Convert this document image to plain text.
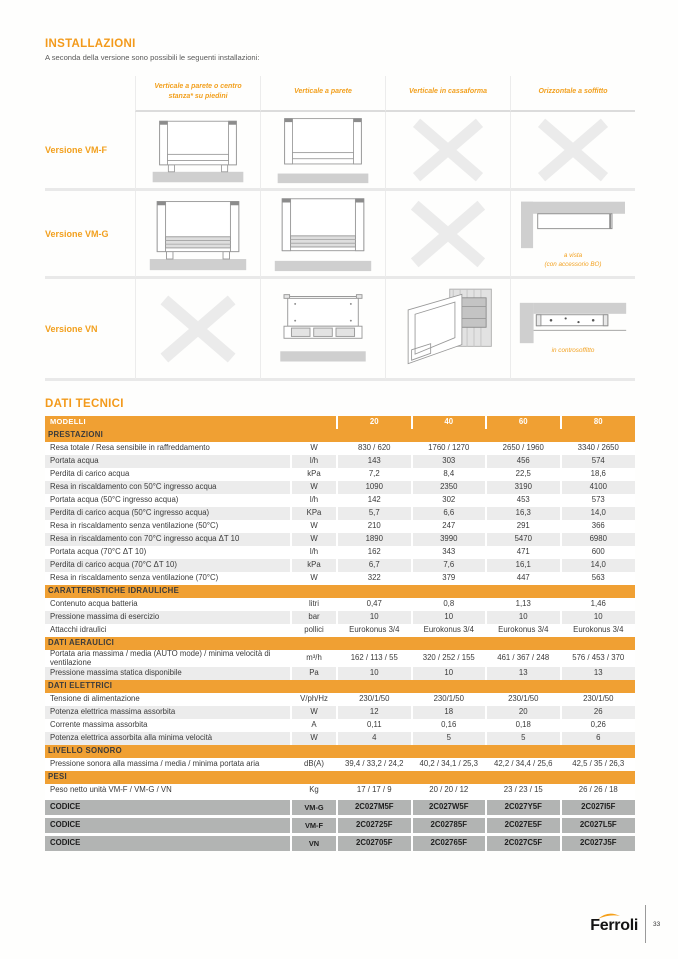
INSTALLAZIONI
A seconda della versione sono possibili le seguenti installazioni:
Verticale a parete o centro stanza* su piedini
Verticale a parete	Verticale in cassaforma	Orizzontale a soffitto
Versione VM-F
Versione VM-G
a vista
(con accessorio BO)
Versione VN
in controsoffitto
DATI TECNICI
MODELLI		20	40	60	80
PRESTAZIONI					
Resa totale / Resa sensibile in raffreddamento	W	830 / 620	1760 / 1270	2650 / 1960	3340 / 2650
Portata acqua	l/h	143	303	456	574
Perdita di carico acqua	kPa	7,2	8,4	22,5	18,6
Resa in riscaldamento con 50°C ingresso acqua	W	1090	2350	3190	4100
Portata acqua (50°C ingresso acqua)	l/h	142	302	453	573
Perdita di carico acqua (50°C ingresso acqua)	KPa	5,7	6,6	16,3	14,0
Resa in riscaldamento senza ventilazione (50°C)	W	210	247	291	366
Resa in riscaldamento con 70°C ingresso acqua ΔT 10	W	1890	3990	5470	6980
Portata acqua (70°C ΔT 10)	l/h	162	343	471	600
Perdita di carico acqua (70°C ΔT 10)	kPa	6,7	7,6	16,1	14,0
Resa in riscaldamento senza ventilazione (70°C)	W	322	379	447	563
CARATTERISTICHE IDRAULICHE					
Contenuto acqua batteria	litri	0,47	0,8	1,13	1,46
Pressione massima di esercizio	bar	10	10	10	10
Attacchi idraulici	pollici	Eurokonus 3/4	Eurokonus 3/4	Eurokonus 3/4	Eurokonus 3/4
DATI AERAULICI					
Portata aria massima / media (AUTO mode) / minima velocità di ventilazione	m³/h	162 / 113 / 55	320 / 252 / 155	461 / 367 / 248	576 / 453 / 370
Pressione massima statica disponibile	Pa	10	10	13	13
DATI ELETTRICI					
Tensione di alimentazione	V/ph/Hz	230/1/50	230/1/50	230/1/50	230/1/50
Potenza elettrica massima assorbita	W	12	18	20	26
Corrente massima assorbita	A	0,11	0,16	0,18	0,26
Potenza elettrica assorbita alla minima velocità	W	4	5	5	6
LIVELLO SONORO					
Pressione sonora alla massima / media / minima portata aria	dB(A)	39,4 / 33,2 / 24,2	40,2 / 34,1 / 25,3	42,2 / 34,4 / 25,6	42,5 / 35 / 26,3
PESI					
Peso netto unità VM-F / VM-G / VN	Kg	17 / 17 / 9	20 / 20 / 12	23 / 23 / 15	26 / 26 / 18
CODICE	VM-G	2C027M5F	2C027W5F	2C027Y5F	2C027I5F
CODICE	VM-F	2C02725F	2C02785F	2C027E5F	2C027L5F
CODICE	VN	2C02705F	2C02765F	2C027C5F	2C027J5F
Ferroli 33
